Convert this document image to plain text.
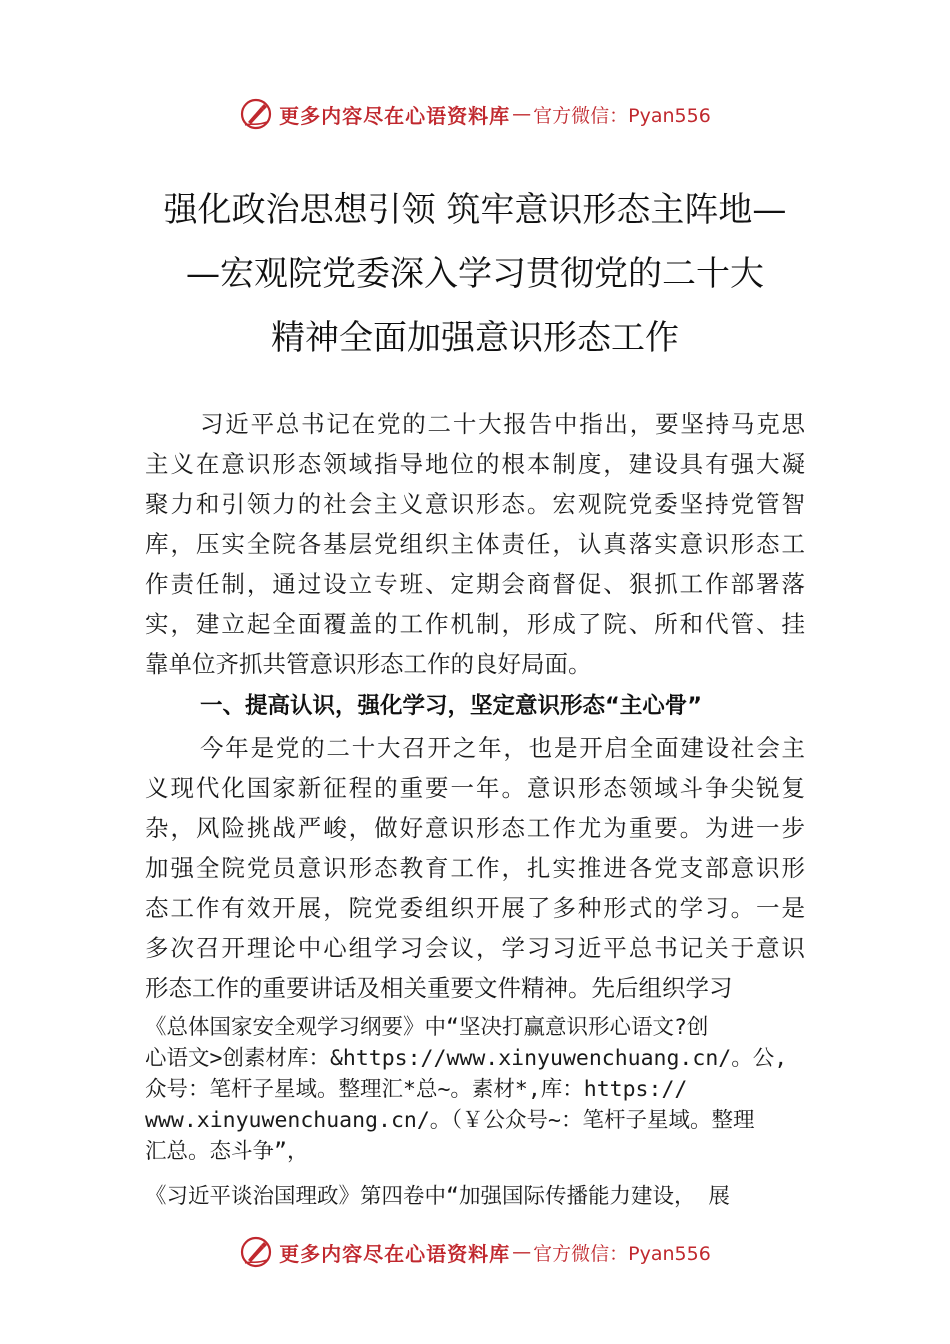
更多内容尽在心语资料库 — 官方微信：Pyan556
强化政治思想引领 筑牢意识形态主阵地—
—宏观院党委深入学习贯彻党的二十大
精神全面加强意识形态工作
习近平总书记在党的二十大报告中指出，要坚持马克思
主义在意识形态领域指导地位的根本制度，建设具有强大凝
聚力和引领力的社会主义意识形态。宏观院党委坚持党管智
库，压实全院各基层党组织主体责任，认真落实意识形态工
作责任制，通过设立专班、定期会商督促、狠抓工作部署落
实，建立起全面覆盖的工作机制，形成了院、所和代管、挂
靠单位齐抓共管意识形态工作的良好局面。
一、提高认识，强化学习，坚定意识形态“主心骨”
今年是党的二十大召开之年，也是开启全面建设社会主
义现代化国家新征程的重要一年。意识形态领域斗争尖锐复
杂，风险挑战严峻，做好意识形态工作尤为重要。为进一步
加强全院党员意识形态教育工作，扎实推进各党支部意识形
态工作有效开展，院党委组织开展了多种形式的学习。一是
多次召开理论中心组学习会议，学习习近平总书记关于意识
形态工作的重要讲话及相关重要文件精神。先后组织学习
《总体国家安全观学习纲要》中“坚决打赢意识形心语文?创
心语文>创素材库：&https://www.xinyuwenchuang.cn/。公,
众号：笔杆子星域。整理汇*总~。素材*,库：https://
www.xinyuwenchuang.cn/。（￥公众号~：笔杆子星域。整理
汇总。态斗争”，
《习近平谈治国理政》第四卷中“加强国际传播能力建设， 展
更多内容尽在心语资料库 — 官方微信：Pyan556
